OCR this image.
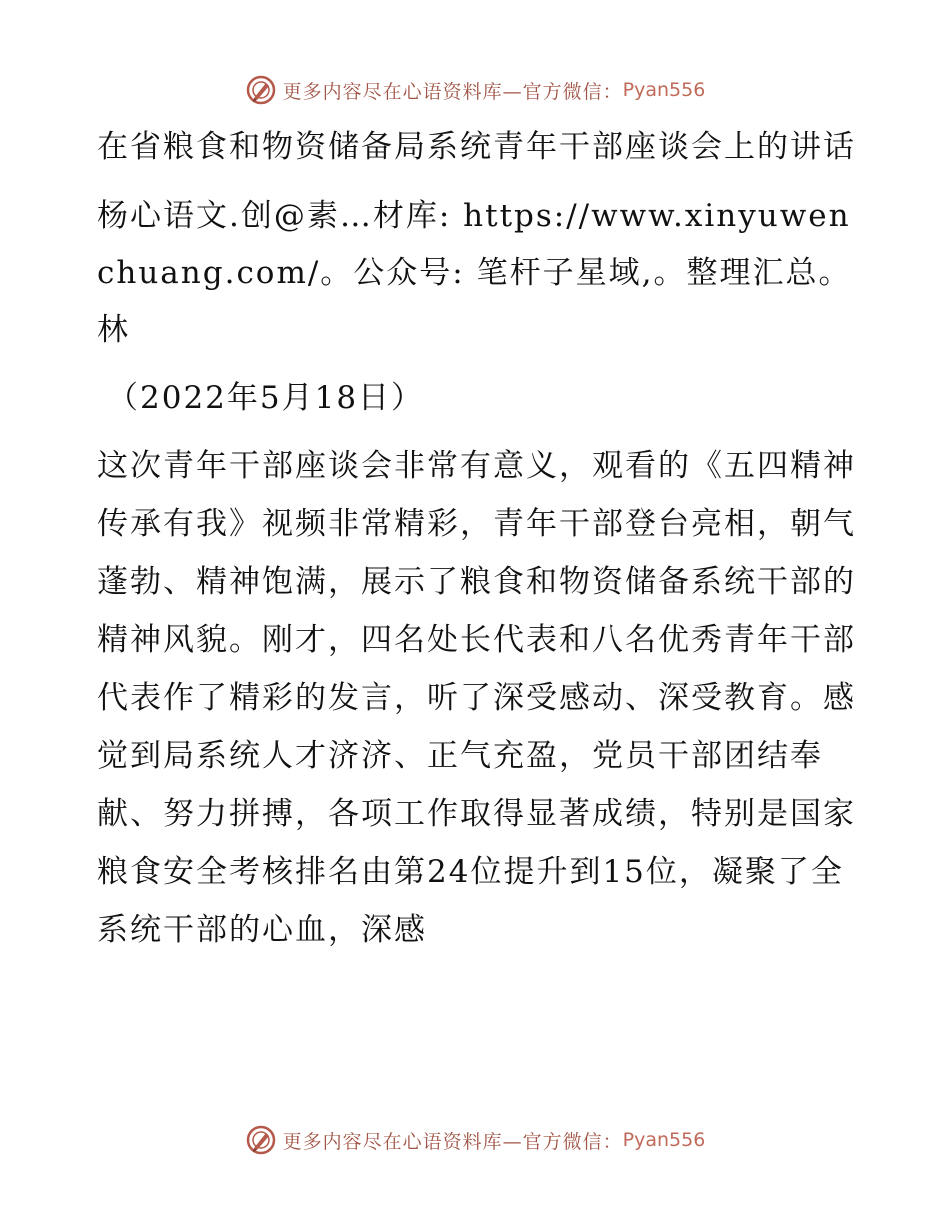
更多内容尽在心语资料库—官方微信： Pyan556

在省粮食和物资储备局系统青年干部座谈会上的讲话

杨心语文.创@素…材库: https://www.xinyuwenchuang.com/。公众号: 笔杆子星域,。整理汇总。林

（2022年5月18日）

这次青年干部座谈会非常有意义，观看的《五四精神传承有我》视频非常精彩，青年干部登台亮相，朝气蓬勃、精神饱满，展示了粮食和物资储备系统干部的精神风貌。刚才，四名处长代表和八名优秀青年干部代表作了精彩的发言，听了深受感动、深受教育。感觉到局系统人才济济、正气充盈，党员干部团结奉献、努力拼搏，各项工作取得显著成绩，特别是国家粮食安全考核排名由第24位提升到15位，凝聚了全系统干部的心血，深感

更多内容尽在心语资料库—官方微信： Pyan556
